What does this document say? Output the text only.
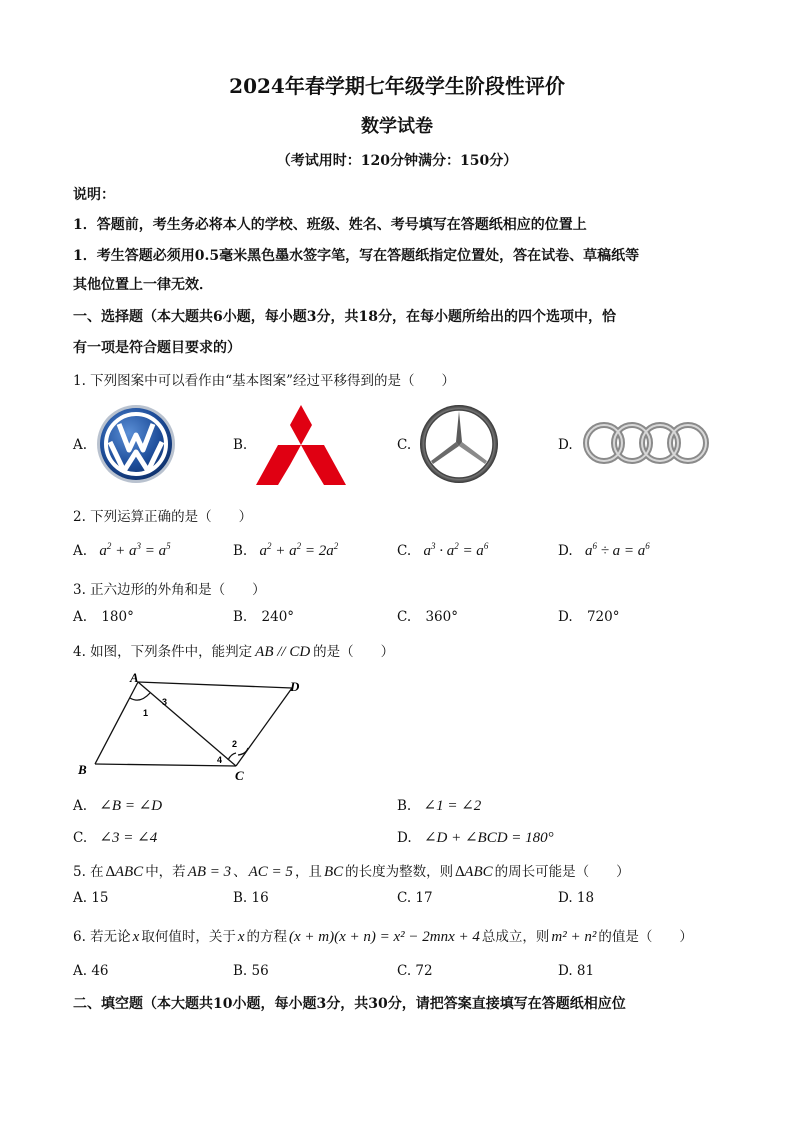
2024年春学期七年级学生阶段性评价
数学试卷
（考试用时：120分钟满分：150分）
说明：
1．答题前，考生务必将本人的学校、班级、姓名、考号填写在答题纸相应的位置上
1．考生答题必须用0.5毫米黑色墨水签字笔，写在答题纸指定位置处，答在试卷、草稿纸等
其他位置上一律无效．
一、选择题（本大题共6小题，每小题3分，共18分，在每小题所给出的四个选项中，恰
有一项是符合题目要求的）
1. 下列图案中可以看作由“基本图案”经过平移得到的是（　　）
A.	B.	C.	D.
2. 下列运算正确的是（　　）
A. $a^2 + a^3 = a^5$	B. $a^2 + a^2 = 2a^2$	C. $a^3 \cdot a^2 = a^6$	D. $a^6 \div a = a^6$
3. 正六边形的外角和是（　　）
A. 180°	B. 240°	C. 360°	D. 720°
4. 如图，下列条件中，能判定 AB // CD 的是（　　）
A
B	C
D
1
2
3
4
A. ∠B = ∠D	B. ∠1 = ∠2
C. ∠3 = ∠4	D. ∠D + ∠BCD = 180°
5. 在 ∆ABC 中，若 AB = 3 、 AC = 5 ，且 BC 的长度为整数，则 ∆ABC 的周长可能是（　　）
A. 15	B. 16	C. 17	D. 18
6. 若无论 x 取何值时，关于 x 的方程 (x + m)(x + n) = x² − 2mnx + 4 总成立，则 m² + n² 的值是（　　）
A. 46	B. 56	C. 72	D. 81
二、填空题（本大题共10小题，每小题3分，共30分，请把答案直接填写在答题纸相应位
